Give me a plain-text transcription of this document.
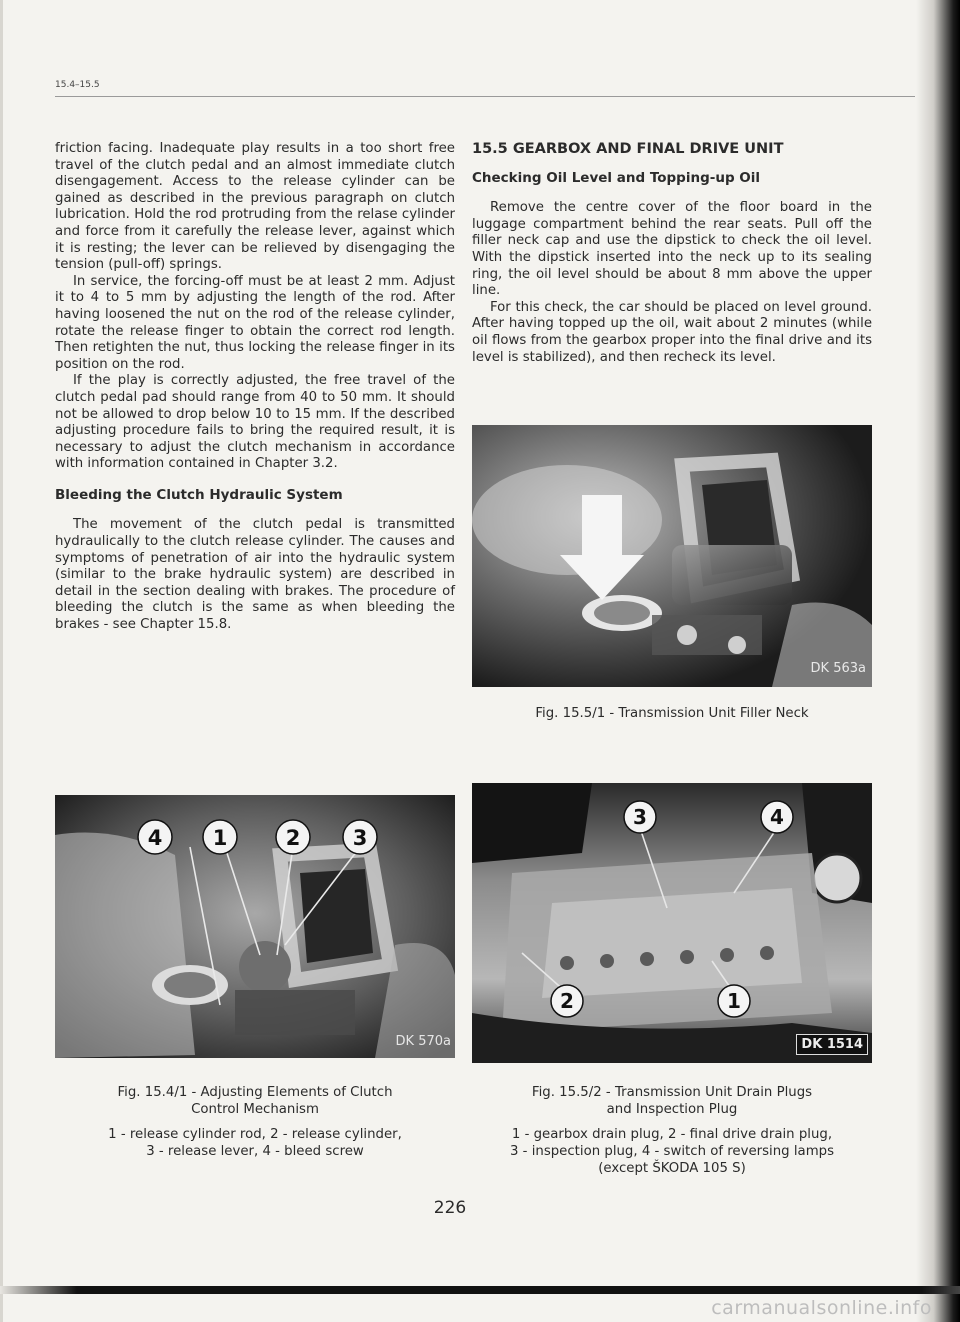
15.4–15.5

friction facing. Inadequate play results in a too short free travel of the clutch pedal and an almost immediate clutch disengagement. Access to the release cylinder can be gained as described in the previous paragraph on clutch lubrication. Hold the rod protruding from the relase cylinder and force from it carefully the release lever, against which it is resting; the lever can be relieved by disengaging the tension (pull-off) springs.

In service, the forcing-off must be at least 2 mm. Adjust it to 4 to 5 mm by adjusting the length of the rod. After having loosened the nut on the rod of the release cylinder, rotate the release finger to obtain the correct rod length. Then retighten the nut, thus locking the release finger in its position on the rod.

If the play is correctly adjusted, the free travel of the clutch pedal pad should range from 40 to 50 mm. It should not be allowed to drop below 10 to 15 mm. If the described adjusting procedure fails to bring the required result, it is necessary to adjust the clutch mechanism in accordance with information contained in Chapter 3.2.

Bleeding the Clutch Hydraulic System

The movement of the clutch pedal is transmitted hydraulically to the clutch release cylinder. The causes and symptoms of penetration of air into the hydraulic system (similar to the brake hydraulic system) are described in detail in the section dealing with brakes. The procedure of bleeding the clutch is the same as when bleeding the brakes - see Chapter 15.8.

15.5 GEARBOX AND FINAL DRIVE UNIT
Checking Oil Level and Topping-up Oil

Remove the centre cover of the floor board in the luggage compartment behind the rear seats. Pull off the filler neck cap and use the dipstick to check the oil level. With the dipstick inserted into the neck up to its sealing ring, the oil level should be about 8 mm above the upper line.

For this check, the car should be placed on level ground. After having topped up the oil, wait about 2 minutes (while oil flows from the gearbox proper into the final drive and its level is stabilized), and then recheck its level.

DK 563a
Fig. 15.5/1 - Transmission Unit Filler Neck
4 1	2 3
DK 570a
Fig. 15.4/1 - Adjusting Elements of Clutch Control Mechanism
1 - release cylinder rod, 2 - release cylinder,
3 - release lever, 4 - bleed screw
3	4
2	1
DK 1514
Fig. 15.5/2 - Transmission Unit Drain Plugs
and Inspection Plug
1 - gearbox drain plug, 2 - final drive drain plug,
3 - inspection plug, 4 - switch of reversing lamps
(except ŠKODA 105 S)
226
carmanualsonline.info
